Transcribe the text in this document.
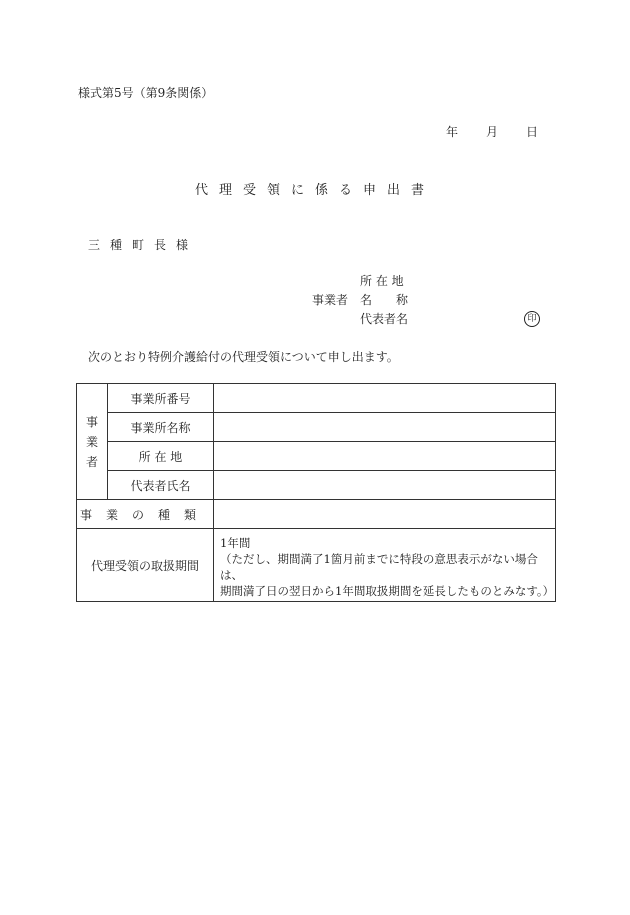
様式第5号（第9条関係）
年 月 日
代理受領に係る申出書
三種町長様
所 在 地
事業者 名　　称
代表者名	印
次のとおり特例介護給付の代理受領について申し出ます。
事
業
者	事業所番号	
	事業所名称	
	所 在 地	
	代表者氏名	
事業の種類		
代理受領の取扱期間		1年間
（ただし、期間満了1箇月前までに特段の意思表示がない場合は、
期間満了日の翌日から1年間取扱期間を延長したものとみなす。）
